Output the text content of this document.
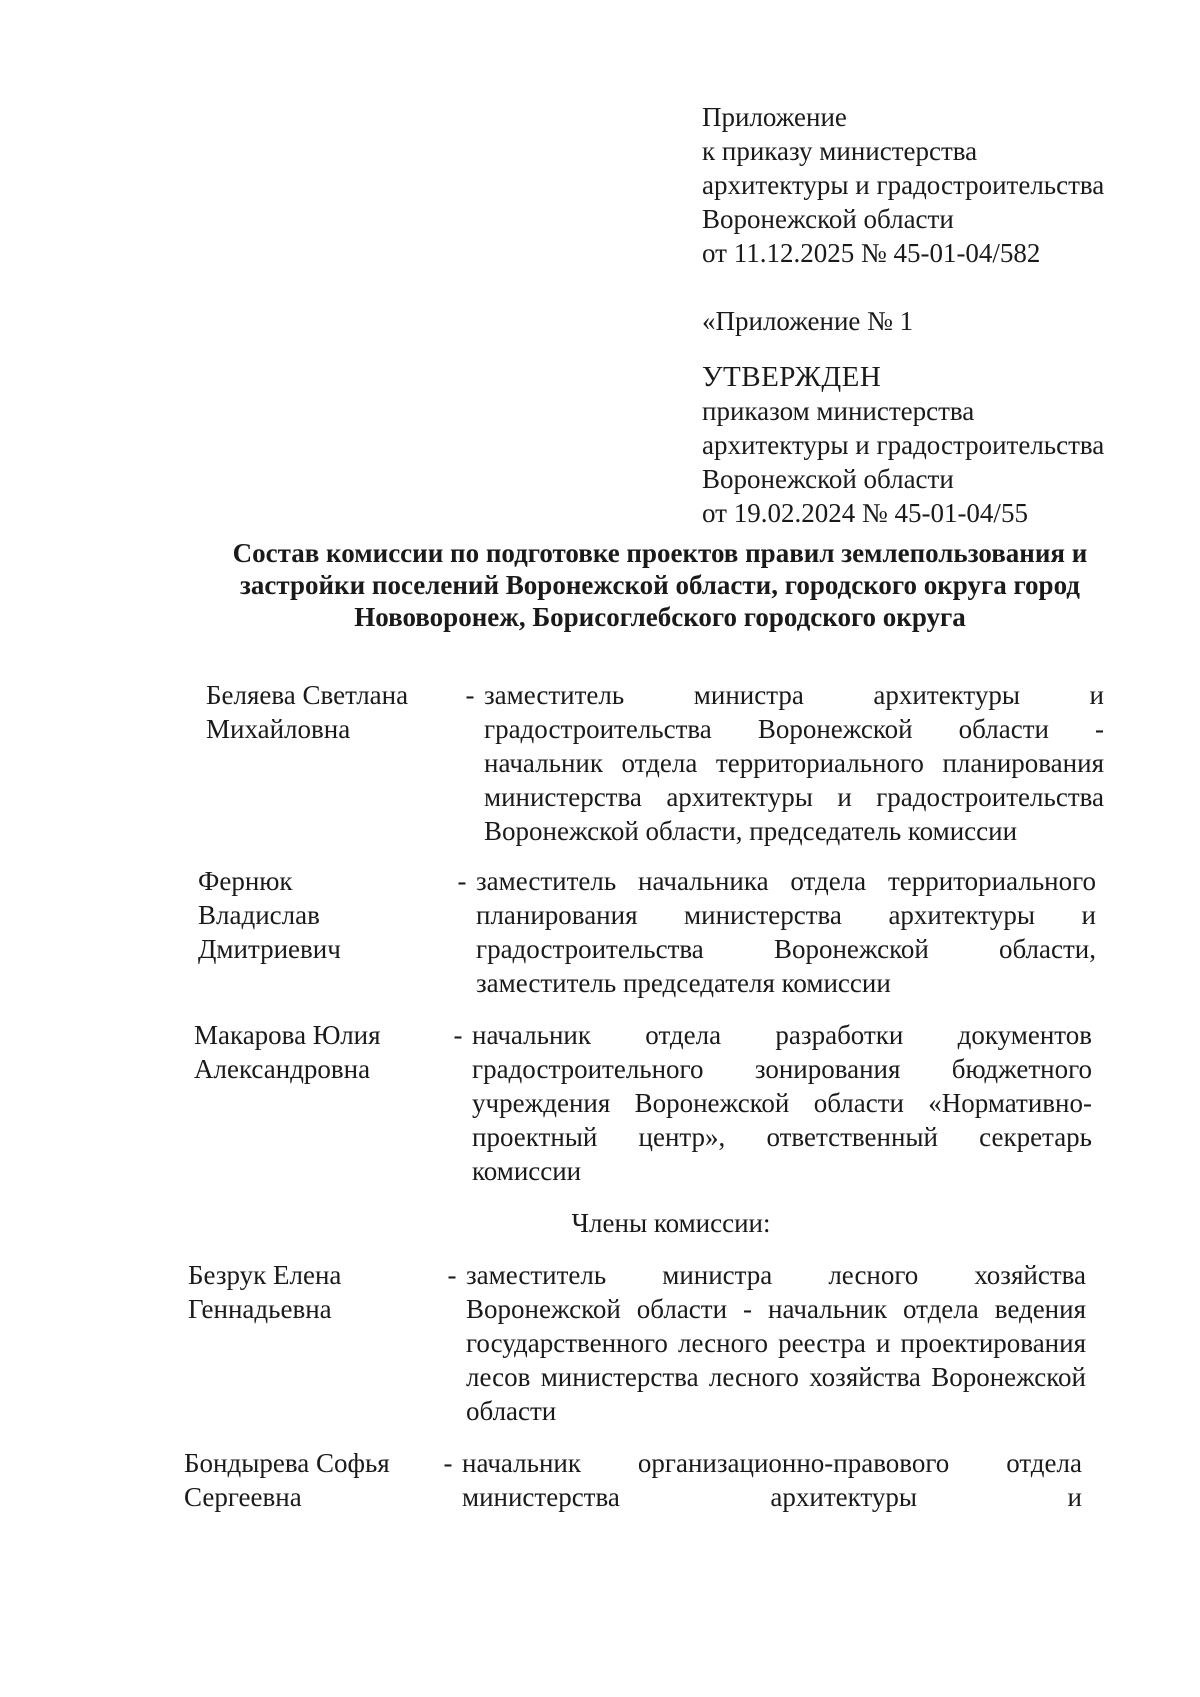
Приложение
к приказу министерства
архитектуры и градостроительства
Воронежской области
от 11.12.2025 № 45-01-04/582
«Приложение № 1
УТВЕРЖДЕН
приказом министерства
архитектуры и градостроительства
Воронежской области
от 19.02.2024 № 45-01-04/55
Состав комиссии по подготовке проектов правил землепользования и
застройки поселений Воронежской области, городского округа город
Нововоронеж, Борисоглебского городского округа
Беляева Светлана
Михайловна
- заместитель министра архитектуры и градостроительства Воронежской области - начальник отдела территориального планирования министерства архитектуры и градостроительства Воронежской области, председатель комиссии
Фернюк
Владислав
Дмитриевич
- заместитель начальника отдела территориального планирования министерства архитектуры и градостроительства Воронежской области, заместитель председателя комиссии
Макарова Юлия
Александровна
- начальник отдела разработки документов градостроительного зонирования бюджетного учреждения Воронежской области «Нормативно-проектный центр», ответственный секретарь комиссии
Члены комиссии:
Безрук Елена
Геннадьевна
- заместитель министра лесного хозяйства Воронежской области - начальник отдела ведения государственного лесного реестра и проектирования лесов министерства лесного хозяйства Воронежской области
Бондырева Софья
Сергеевна
- начальник организационно-правового отдела министерства архитектуры и
